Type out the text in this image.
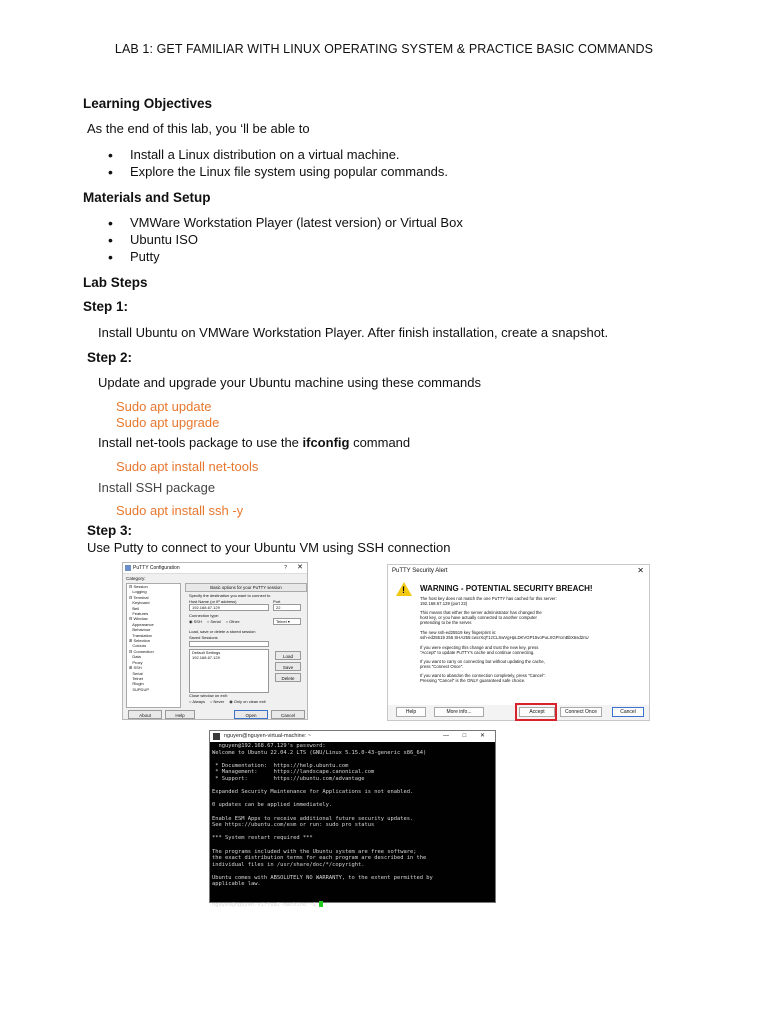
LAB 1: GET FAMILIAR WITH LINUX OPERATING SYSTEM & PRACTICE BASIC COMMANDS
Learning Objectives
As the end of this lab, you ‘ll be able to
• Install a Linux distribution on a virtual machine.
• Explore the Linux file system using popular commands.
Materials and Setup
• VMWare Workstation Player (latest version) or Virtual Box
• Ubuntu ISO
• Putty
Lab Steps
Step 1:
Install Ubuntu on VMWare Workstation Player. After finish installation, create a snapshot.
Step 2:
Update and upgrade your Ubuntu machine using these commands
Sudo apt update
Sudo apt upgrade
Install net-tools package to use the ifconfig command
Sudo apt install net-tools
Install SSH package
Sudo apt install ssh -y
Step 3:
Use Putty to connect to your Ubuntu VM using SSH connection
PuTTY Configuration	? ✕
Category:
⊟ Session
Logging
⊟ Terminal
Keyboard
Bell
Features
⊟ Window
Appearance
Behaviour
Translation
⊞ Selection
Colours
⊟ Connection
Data
Proxy
⊞ SSH
Serial
Telnet
Rlogin
SUPDUP
Basic options for your PuTTY session
Specify the destination you want to connect to
Host Name (or IP address)	Port
192.168.67.129	22
Connection type:
◉ SSH ○ Serial ○ Other:	Telnet ▾
Load, save or delete a stored session
Saved Sessions
Default Settings
192.168.67.129	Load
Save
Delete
Close window on exit:
○ Always ○ Never ◉ Only on clean exit
About	Help	Open	Cancel
PuTTY Security Alert	✕
! WARNING - POTENTIAL SECURITY BREACH!
The host key does not match the one PuTTY has cached for this server:
192.168.67.129 (port 22)
This means that either the server administrator has changed the
host key, or you have actually connected to another computer
pretending to be the server.
The new ssh-ed25519 key fingerprint is:
ssh-ed25519 255 SHA256:cwcrXqT1zCLSwVgHpLDKVGP15voPuLXGPrcmBbX6sd2nU
If you were expecting this change and trust the new key, press
"Accept" to update PuTTY's cache and continue connecting.
If you want to carry on connecting but without updating the cache,
press "Connect Once".
If you want to abandon the connection completely, press "Cancel".
Pressing "Cancel" is the ONLY guaranteed safe choice.
Help	More info...	Accept	Connect Once	Cancel
nguyen@nguyen-virtual-machine: ~	— □ ✕
nguyen@192.168.67.129's password:
Welcome to Ubuntu 22.04.2 LTS (GNU/Linux 5.15.0-43-generic x86_64)

* Documentation:  https://help.ubuntu.com
* Management:     https://landscape.canonical.com
* Support:        https://ubuntu.com/advantage

Expanded Security Maintenance for Applications is not enabled.

0 updates can be applied immediately.

Enable ESM Apps to receive additional future security updates.
See https://ubuntu.com/esm or run: sudo pro status

*** System restart required ***

The programs included with the Ubuntu system are free software;
the exact distribution terms for each program are described in the
individual files in /usr/share/doc/*/copyright.

Ubuntu comes with ABSOLUTELY NO WARRANTY, to the extent permitted by
applicable law.

nguyen@nguyen-virtual-machine:~$
